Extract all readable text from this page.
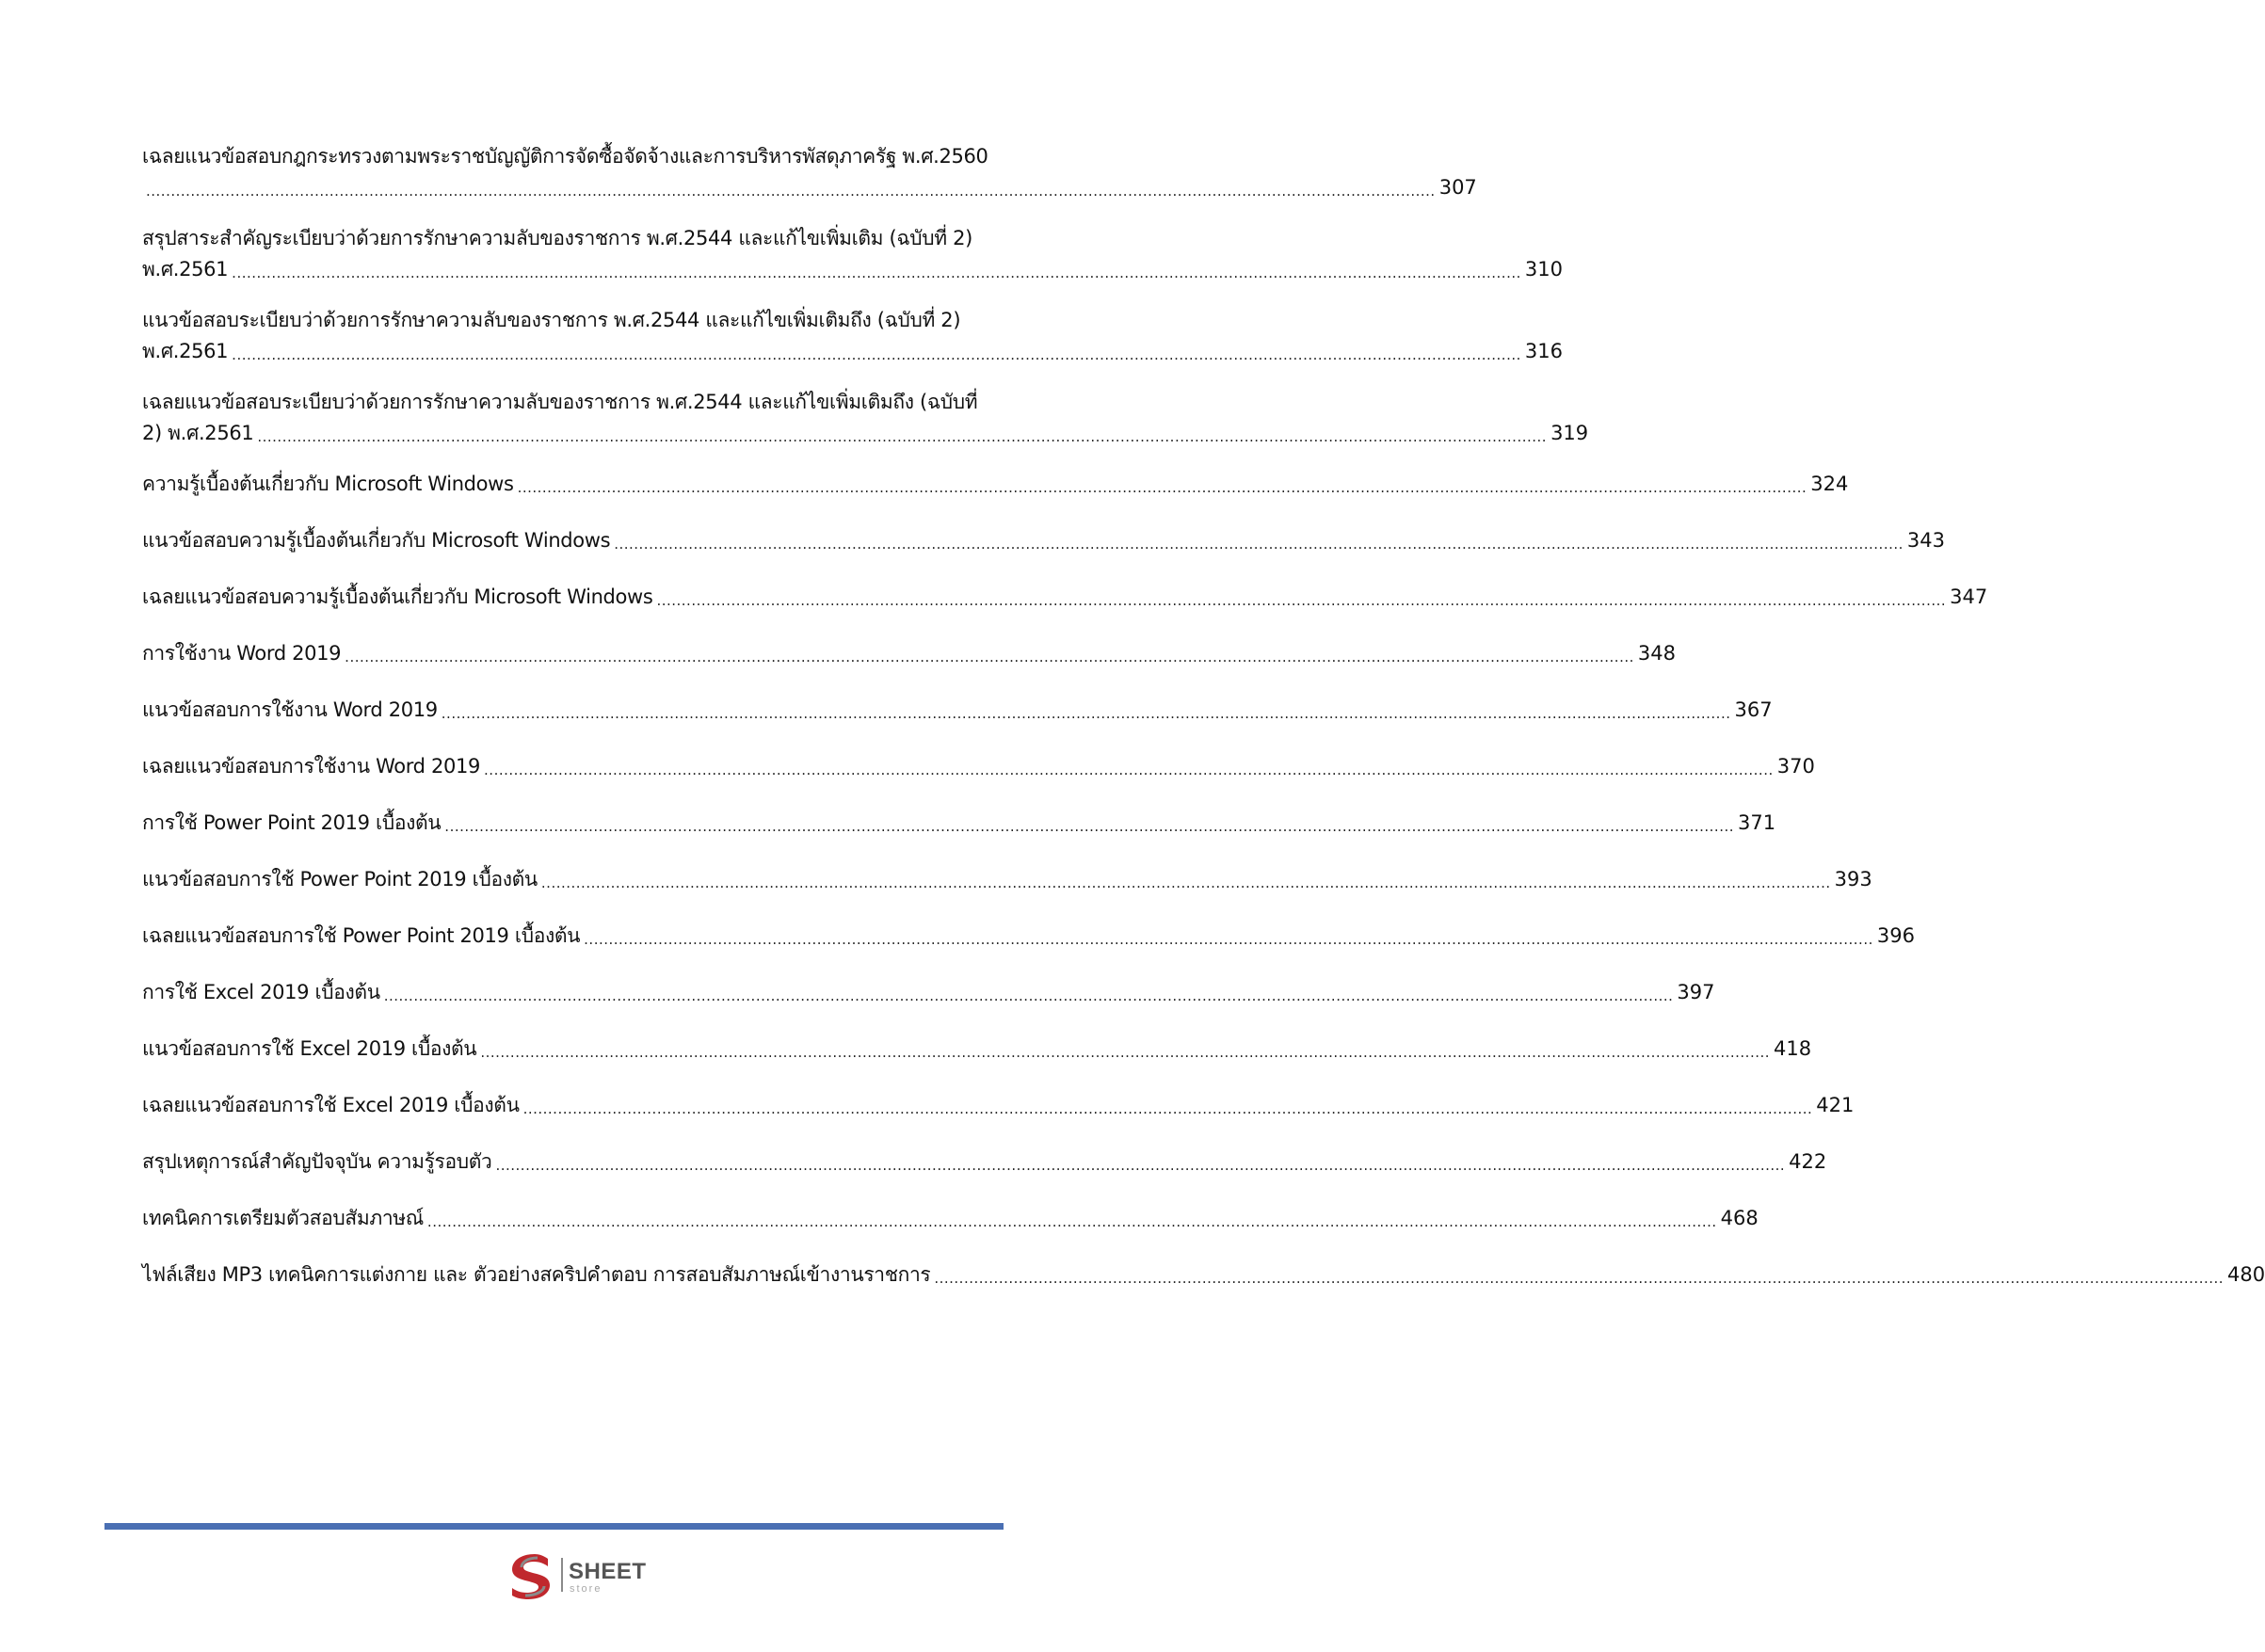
เฉลยแนวข้อสอบกฎกระทรวงตามพระราชบัญญัติการจัดซื้อจัดจ้างและการบริหารพัสดุภาครัฐ พ.ศ.2560
.................................................................................................................................................................................................................................................................... 307
สรุปสาระสำคัญระเบียบว่าด้วยการรักษาความลับของราชการ พ.ศ.2544 และแก้ไขเพิ่มเติม (ฉบับที่ 2)
พ.ศ.2561 .................................................................................................................................................................................................................................................................... 310
แนวข้อสอบระเบียบว่าด้วยการรักษาความลับของราชการ พ.ศ.2544 และแก้ไขเพิ่มเติมถึง (ฉบับที่ 2)
พ.ศ.2561 .................................................................................................................................................................................................................................................................... 316
เฉลยแนวข้อสอบระเบียบว่าด้วยการรักษาความลับของราชการ พ.ศ.2544 และแก้ไขเพิ่มเติมถึง (ฉบับที่
2) พ.ศ.2561 .................................................................................................................................................................................................................................................................... 319
ความรู้เบื้องต้นเกี่ยวกับ Microsoft Windows .................................................................................................................................................................................................................................................................... 324
แนวข้อสอบความรู้เบื้องต้นเกี่ยวกับ Microsoft Windows .................................................................................................................................................................................................................................................................... 343
เฉลยแนวข้อสอบความรู้เบื้องต้นเกี่ยวกับ Microsoft Windows .................................................................................................................................................................................................................................................................... 347
การใช้งาน Word 2019 .................................................................................................................................................................................................................................................................... 348
แนวข้อสอบการใช้งาน Word 2019 .................................................................................................................................................................................................................................................................... 367
เฉลยแนวข้อสอบการใช้งาน Word 2019 .................................................................................................................................................................................................................................................................... 370
การใช้ Power Point 2019 เบื้องต้น .................................................................................................................................................................................................................................................................... 371
แนวข้อสอบการใช้ Power Point 2019 เบื้องต้น .................................................................................................................................................................................................................................................................... 393
เฉลยแนวข้อสอบการใช้ Power Point 2019 เบื้องต้น .................................................................................................................................................................................................................................................................... 396
การใช้ Excel 2019 เบื้องต้น .................................................................................................................................................................................................................................................................... 397
แนวข้อสอบการใช้ Excel 2019 เบื้องต้น .................................................................................................................................................................................................................................................................... 418
เฉลยแนวข้อสอบการใช้ Excel 2019 เบื้องต้น .................................................................................................................................................................................................................................................................... 421
สรุปเหตุการณ์สำคัญปัจจุบัน ความรู้รอบตัว .................................................................................................................................................................................................................................................................... 422
เทคนิคการเตรียมตัวสอบสัมภาษณ์ .................................................................................................................................................................................................................................................................... 468
ไฟล์เสียง MP3 เทคนิคการแต่งกาย และ ตัวอย่างสคริปคำตอบ การสอบสัมภาษณ์เข้างานราชการ .................................................................................................................................................................................................................................................................... 480
SHEET
store
